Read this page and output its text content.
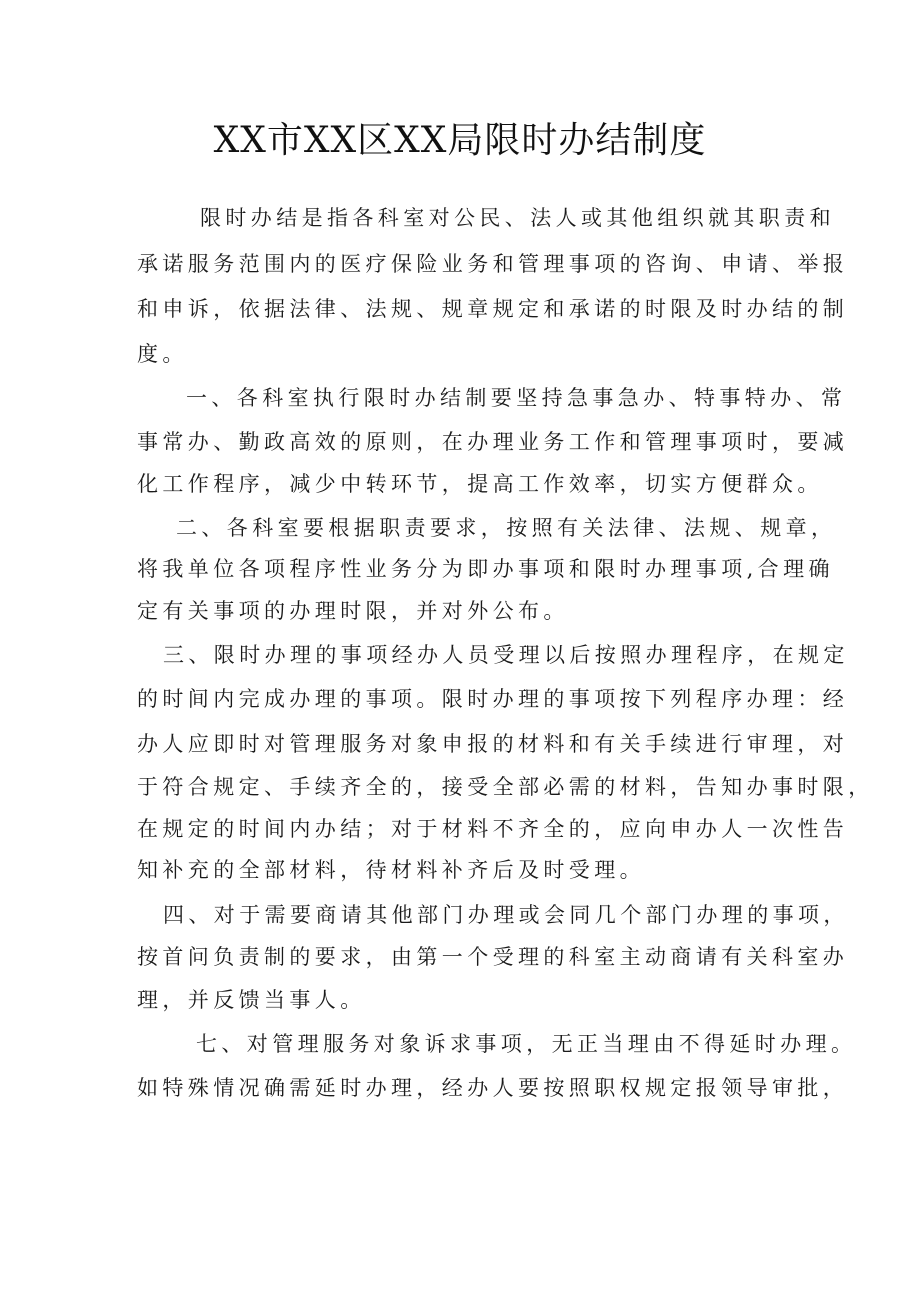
XX市XX区XX局限时办结制度
限时办结是指各科室对公民、法人或其他组织就其职责和
承诺服务范围内的医疗保险业务和管理事项的咨询、申请、举报
和申诉，依据法律、法规、规章规定和承诺的时限及时办结的制
度。
一、各科室执行限时办结制要坚持急事急办、特事特办、常
事常办、勤政高效的原则，在办理业务工作和管理事项时，要减
化工作程序，减少中转环节，提高工作效率，切实方便群众。
二、各科室要根据职责要求，按照有关法律、法规、规章，
将我单位各项程序性业务分为即办事项和限时办理事项,合理确
定有关事项的办理时限，并对外公布。
三、限时办理的事项经办人员受理以后按照办理程序，在规定
的时间内完成办理的事项。限时办理的事项按下列程序办理：经
办人应即时对管理服务对象申报的材料和有关手续进行审理，对
于符合规定、手续齐全的，接受全部必需的材料，告知办事时限，
在规定的时间内办结；对于材料不齐全的，应向申办人一次性告
知补充的全部材料，待材料补齐后及时受理。
四、对于需要商请其他部门办理或会同几个部门办理的事项，
按首问负责制的要求，由第一个受理的科室主动商请有关科室办
理，并反馈当事人。
七、对管理服务对象诉求事项，无正当理由不得延时办理。
如特殊情况确需延时办理，经办人要按照职权规定报领导审批，
